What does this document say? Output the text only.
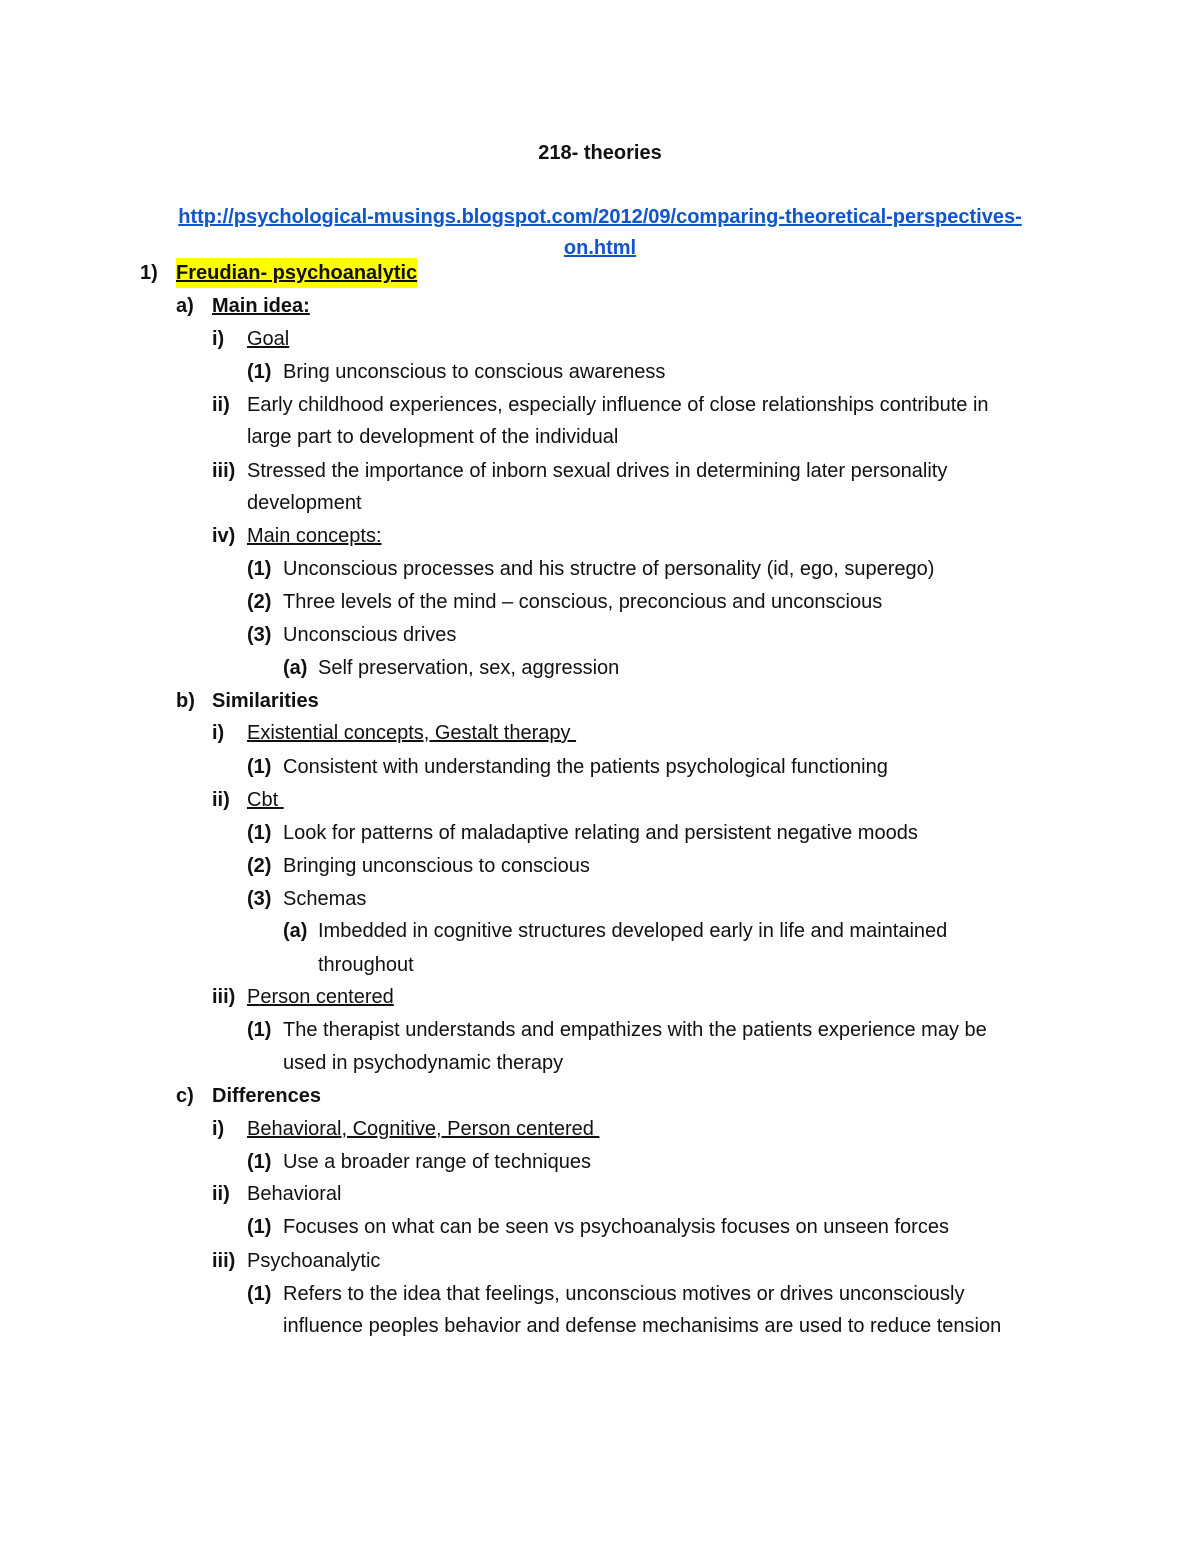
218- theories
http://psychological-musings.blogspot.com/2012/09/comparing-theoretical-perspectives-
on.html
1) Freudian- psychoanalytic
a) Main idea:
i) Goal
(1) Bring unconscious to conscious awareness
ii) Early childhood experiences, especially influence of close relationships contribute in
large part to development of the individual
iii) Stressed the importance of inborn sexual drives in determining later personality
development
iv) Main concepts:
(1) Unconscious processes and his structre of personality (id, ego, superego)
(2) Three levels of the mind – conscious, preconcious and unconscious
(3) Unconscious drives
(a) Self preservation, sex, aggression
b) Similarities
i) Existential concepts, Gestalt therapy
(1) Consistent with understanding the patients psychological functioning
ii) Cbt
(1) Look for patterns of maladaptive relating and persistent negative moods
(2) Bringing unconscious to conscious
(3) Schemas
(a) Imbedded in cognitive structures developed early in life and maintained
throughout
iii) Person centered
(1) The therapist understands and empathizes with the patients experience may be
used in psychodynamic therapy
c) Differences
i) Behavioral, Cognitive, Person centered
(1) Use a broader range of techniques
ii) Behavioral
(1) Focuses on what can be seen vs psychoanalysis focuses on unseen forces
iii) Psychoanalytic
(1) Refers to the idea that feelings, unconscious motives or drives unconsciously
influence peoples behavior and defense mechanisims are used to reduce tension
